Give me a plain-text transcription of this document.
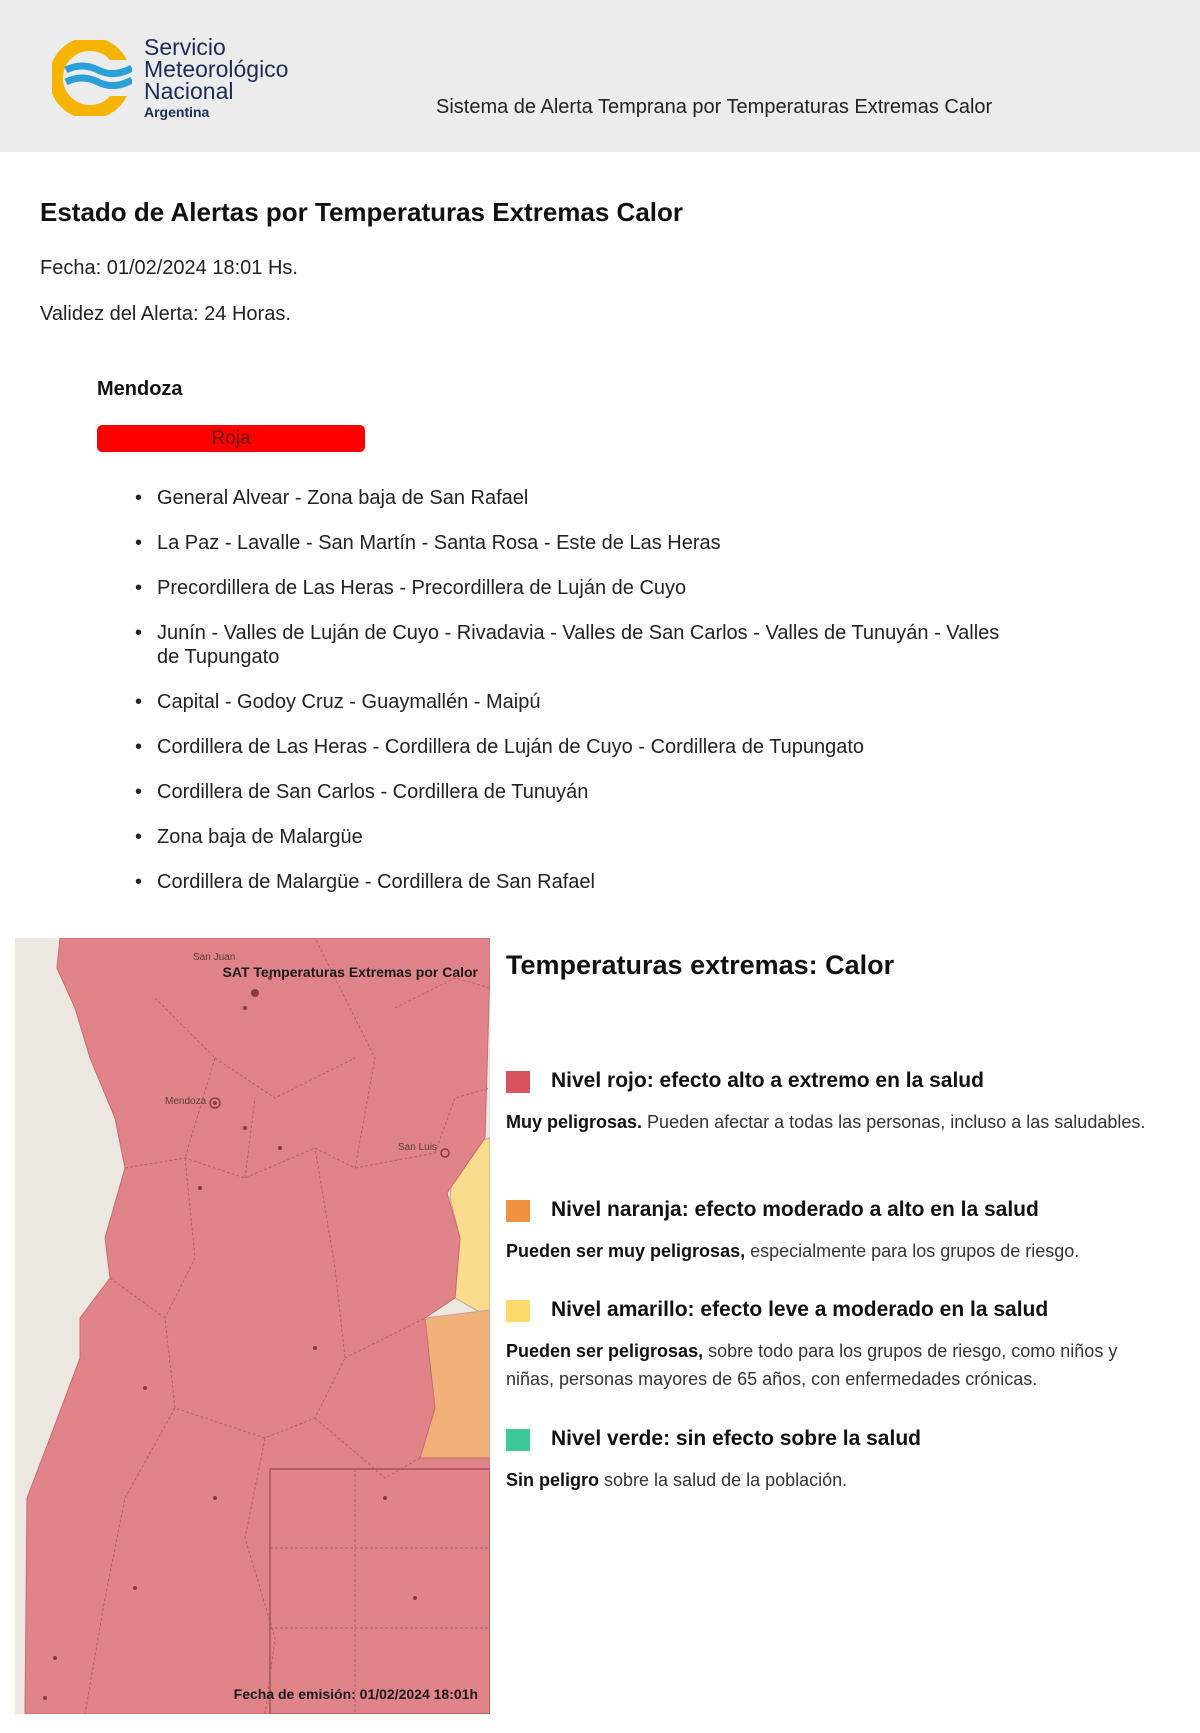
Servicio
Meteorológico
Nacional
Argentina	Sistema de Alerta Temprana por Temperaturas Extremas Calor
Estado de Alertas por Temperaturas Extremas Calor
Fecha: 01/02/2024 18:01 Hs.
Validez del Alerta: 24 Horas.
Mendoza
Roja
• General Alvear - Zona baja de San Rafael
• La Paz - Lavalle - San Martín - Santa Rosa - Este de Las Heras
• Precordillera de Las Heras - Precordillera de Luján de Cuyo
• Junín - Valles de Luján de Cuyo - Rivadavia - Valles de San Carlos - Valles de Tunuyán - Valles de Tupungato
• Capital - Godoy Cruz - Guaymallén - Maipú
• Cordillera de Las Heras - Cordillera de Luján de Cuyo - Cordillera de Tupungato
• Cordillera de San Carlos - Cordillera de Tunuyán
• Zona baja de Malargüe
• Cordillera de Malargüe - Cordillera de San Rafael
SAT Temperaturas Extremas por Calor
San Juan
Mendoza
San Luis
Fecha de emisión: 01/02/2024 18:01h
Temperaturas extremas: Calor
Nivel rojo: efecto alto a extremo en la salud
Muy peligrosas. Pueden afectar a todas las personas, incluso a las saludables.
Nivel naranja: efecto moderado a alto en la salud
Pueden ser muy peligrosas, especialmente para los grupos de riesgo.
Nivel amarillo: efecto leve a moderado en la salud
Pueden ser peligrosas, sobre todo para los grupos de riesgo, como niños y niñas, personas mayores de 65 años, con enfermedades crónicas.
Nivel verde: sin efecto sobre la salud
Sin peligro sobre la salud de la población.
